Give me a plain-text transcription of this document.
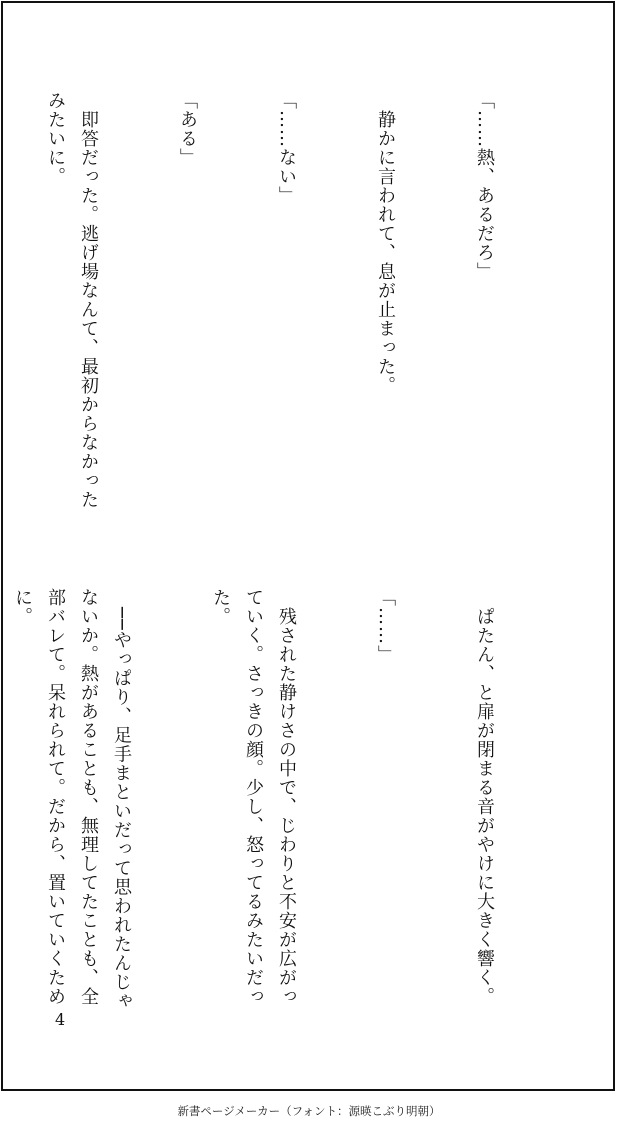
「……熱、あるだろ」

　静かに言われて、息が止まった。

「……ない」

「ある」

　即答だった。逃げ場なんて、最初からなかったみたいに。

　ぱたん、と扉が閉まる音がやけに大きく響く。

「……」

　残された静けさの中で、じわりと不安が広がっていく。さっきの顔。少し、怒ってるみたいだった。

　──やっぱり、足手まといだって思われたんじゃないか。熱があることも、無理してたことも、全部バレて。呆れられて。だから、置いていくために。

4
新書ページメーカー（フォント：源暎こぶり明朝）
